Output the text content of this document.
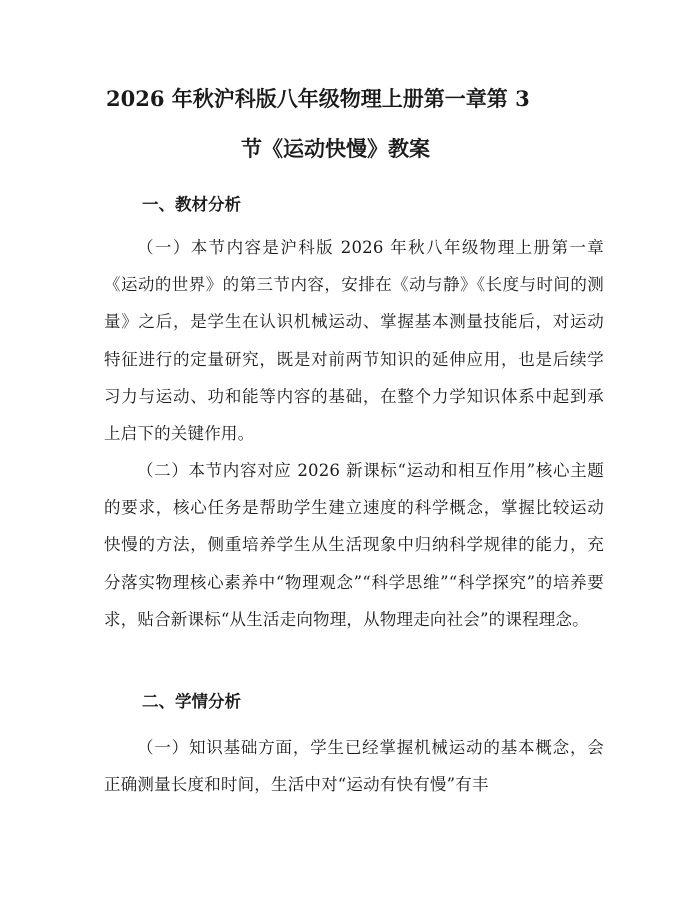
2026 年秋沪科版八年级物理上册第一章第 3
节《运动快慢》教案
一、教材分析

（一）本节内容是沪科版 2026 年秋八年级物理上册第一章《运动的世界》的第三节内容，安排在《动与静》《长度与时间的测量》之后，是学生在认识机械运动、掌握基本测量技能后，对运动特征进行的定量研究，既是对前两节知识的延伸应用，也是后续学习力与运动、功和能等内容的基础，在整个力学知识体系中起到承上启下的关键作用。

（二）本节内容对应 2026 新课标“运动和相互作用”核心主题的要求，核心任务是帮助学生建立速度的科学概念，掌握比较运动快慢的方法，侧重培养学生从生活现象中归纳科学规律的能力，充分落实物理核心素养中“物理观念”“科学思维”“科学探究”的培养要求，贴合新课标“从生活走向物理，从物理走向社会”的课程理念。

二、学情分析

（一）知识基础方面，学生已经掌握机械运动的基本概念，会正确测量长度和时间，生活中对“运动有快有慢”有丰
